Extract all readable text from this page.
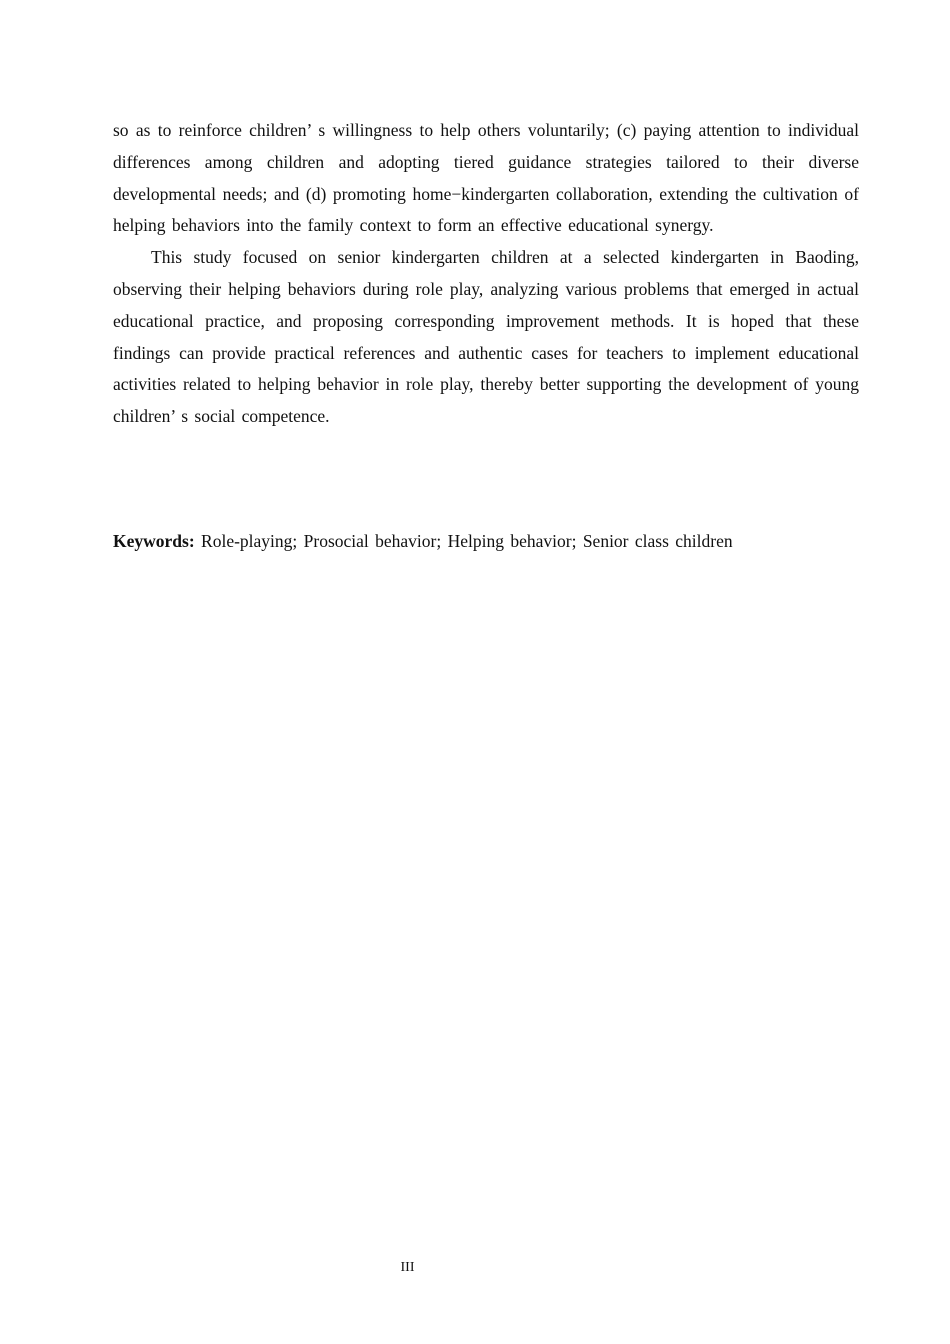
so as to reinforce children’ s willingness to help others voluntarily; (c) paying attention to individual differences among children and adopting tiered guidance strategies tailored to their diverse developmental needs; and (d) promoting home−kindergarten collaboration, extending the cultivation of helping behaviors into the family context to form an effective educational synergy.

This study focused on senior kindergarten children at a selected kindergarten in Baoding, observing their helping behaviors during role play, analyzing various problems that emerged in actual educational practice, and proposing corresponding improvement methods. It is hoped that these findings can provide practical references and authentic cases for teachers to implement educational activities related to helping behavior in role play, thereby better supporting the development of young children’ s social competence.

Keywords: Role-playing; Prosocial behavior; Helping behavior; Senior class children
III
